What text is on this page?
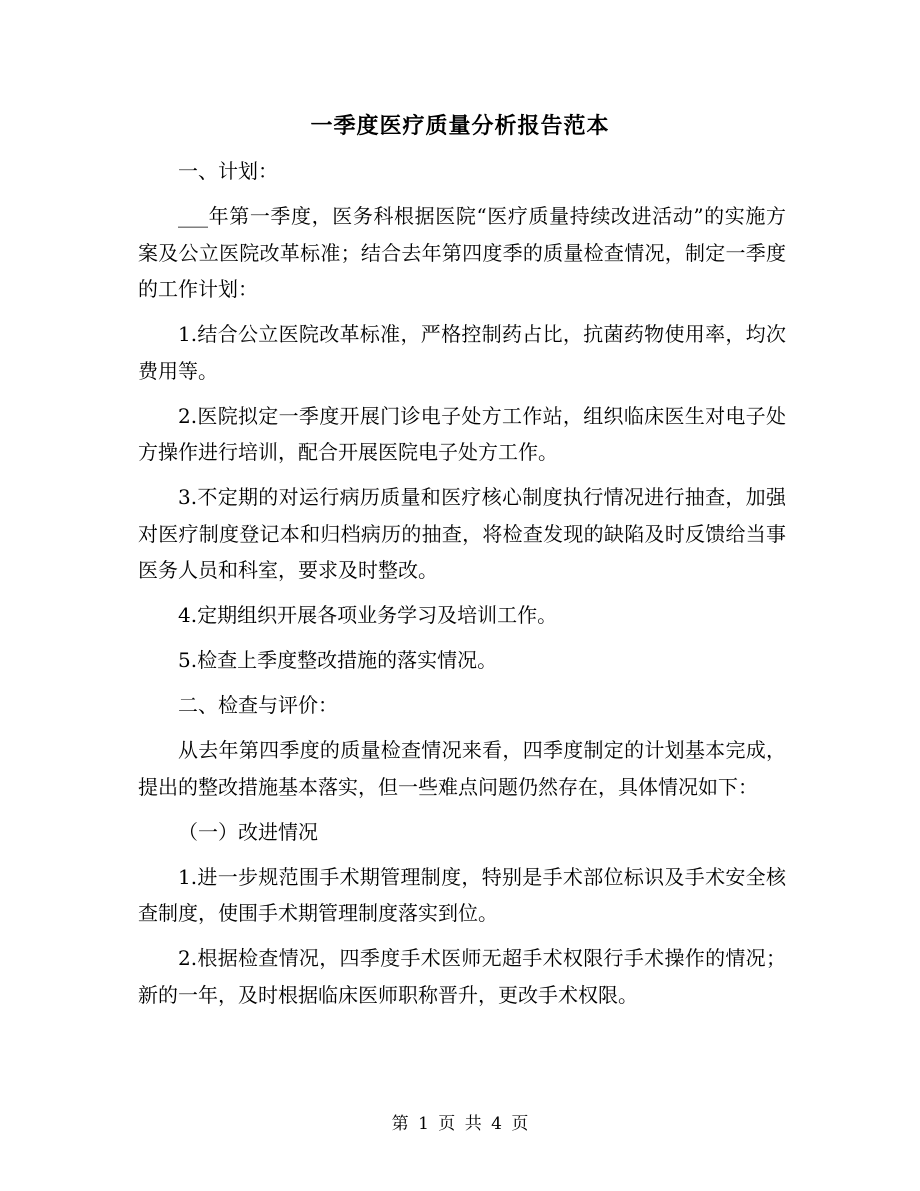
一季度医疗质量分析报告范本

一、计划：

___年第一季度，医务科根据医院“医疗质量持续改进活动”的实施方案及公立医院改革标准；结合去年第四度季的质量检查情况，制定一季度的工作计划：

1.结合公立医院改革标准，严格控制药占比，抗菌药物使用率，均次费用等。

2.医院拟定一季度开展门诊电子处方工作站，组织临床医生对电子处方操作进行培训，配合开展医院电子处方工作。

3.不定期的对运行病历质量和医疗核心制度执行情况进行抽查，加强对医疗制度登记本和归档病历的抽查，将检查发现的缺陷及时反馈给当事医务人员和科室，要求及时整改。

4.定期组织开展各项业务学习及培训工作。

5.检查上季度整改措施的落实情况。

二、检查与评价：

从去年第四季度的质量检查情况来看，四季度制定的计划基本完成，提出的整改措施基本落实，但一些难点问题仍然存在，具体情况如下：

（一）改进情况

1.进一步规范围手术期管理制度，特别是手术部位标识及手术安全核查制度，使围手术期管理制度落实到位。

2.根据检查情况，四季度手术医师无超手术权限行手术操作的情况；新的一年，及时根据临床医师职称晋升，更改手术权限。

第 1 页 共 4 页
